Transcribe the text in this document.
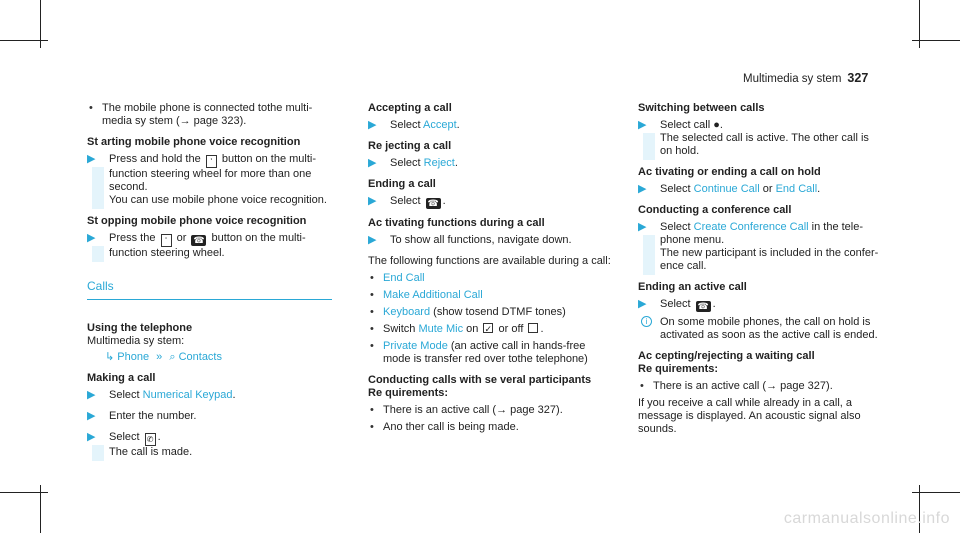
Multimedia sy stem 327
• The mobile phone is connected tothe multi- media sy stem (→ page 323).
St arting mobile phone voice recognition
▶ Press and hold the ʹ button on the multi- function steering wheel for more than one second.
You can use mobile phone voice recognition.
St opping mobile phone voice recognition
▶ Press the ʹ or ☎ button on the multi- function steering wheel.
Calls
Using the telephone
Multimedia sy stem:
↳ Phone » ⌕ Contacts
Making a call
▶ Select Numerical Keypad.
▶ Enter the number.
▶ Select ✆ .
The call is made.
Accepting a call
▶ Select Accept.
Re jecting a call
▶ Select Reject.
Ending a call
▶ Select ☎ .
Ac tivating functions during a call
▶ To show all functions, navigate down.
The following functions are available during a call:
• End Call
• Make Additional Call
• Keyboard (show tosend DTMF tones)
• Switch Mute Mic on ✓ or off .
• Private Mode (an active call in hands-free mode is transfer red over tothe telephone)
Conducting calls with se veral participants
Re quirements:
• There is an active call (→ page 327).
• Ano ther call is being made.
Switching between calls
▶ Select call ●.
The selected call is active. The other call is on hold.
Ac tivating or ending a call on hold
▶ Select Continue Call or End Call.
Conducting a conference call
▶ Select Create Conference Call in the tele- phone menu.
The new participant is included in the confer- ence call.
Ending an active call
▶ Select ☎ .
i	On some mobile phones, the call on hold is activated as soon as the active call is ended.
Ac cepting/rejecting a waiting call
Re quirements:
• There is an active call (→ page 327).
If you receive a call while already in a call, a message is displayed. An acoustic signal also sounds.
carmanualsonline.info
